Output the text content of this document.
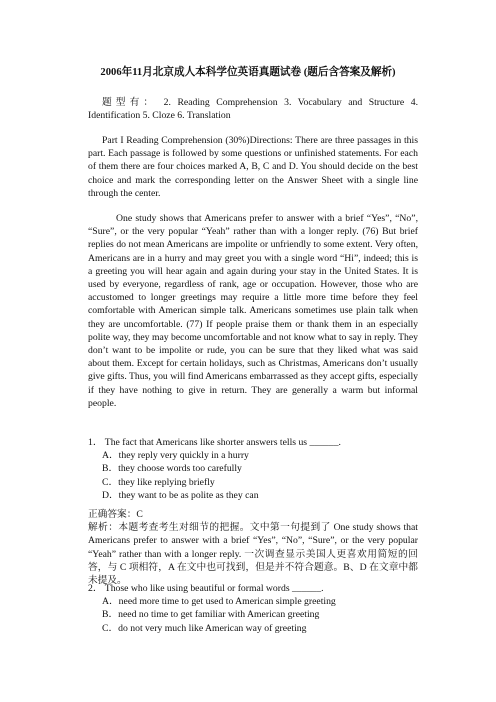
2006年11月北京成人本科学位英语真题试卷 (题后含答案及解析)

题型有： 2. Reading Comprehension 3. Vocabulary and Structure 4. Identification 5. Cloze 6. Translation

Part I Reading Comprehension (30%)Directions: There are three passages in this part. Each passage is followed by some questions or unfinished statements. For each of them there are four choices marked A, B, C and D. You should decide on the best choice and mark the corresponding letter on the Answer Sheet with a single line through the center.

One study shows that Americans prefer to answer with a brief “Yes”, “No”, “Sure”, or the very popular “Yeah” rather than with a longer reply. (76) But brief replies do not mean Americans are impolite or unfriendly to some extent. Very often, Americans are in a hurry and may greet you with a single word “Hi”, indeed; this is a greeting you will hear again and again during your stay in the United States. It is used by everyone, regardless of rank, age or occupation. However, those who are accustomed to longer greetings may require a little more time before they feel comfortable with American simple talk. Americans sometimes use plain talk when they are uncomfortable. (77) If people praise them or thank them in an especially polite way, they may become uncomfortable and not know what to say in reply. They don’t want to be impolite or rude, you can be sure that they liked what was said about them. Except for certain holidays, such as Christmas, Americans don’t usually give gifts. Thus, you will find Americans embarrassed as they accept gifts, especially if they have nothing to give in return. They are generally a warm but informal people.

1． The fact that Americans like shorter answers tells us ______.

A．they reply very quickly in a hurry

B．they choose words too carefully

C．they like replying briefly

D．they want to be as polite as they can

正确答案：C

解析：本题考查考生对细节的把握。文中第一句提到了 One study shows that Americans prefer to answer with a brief “Yes”, “No”, “Sure”, or the very popular “Yeah” rather than with a longer reply. 一次调查显示美国人更喜欢用简短的回答，与 C 项相符，A 在文中也可找到，但是并不符合题意。B、D 在文章中都未提及。

2． Those who like using beautiful or formal words ______.

A．need more time to get used to American simple greeting

B．need no time to get familiar with American greeting

C．do not very much like American way of greeting
